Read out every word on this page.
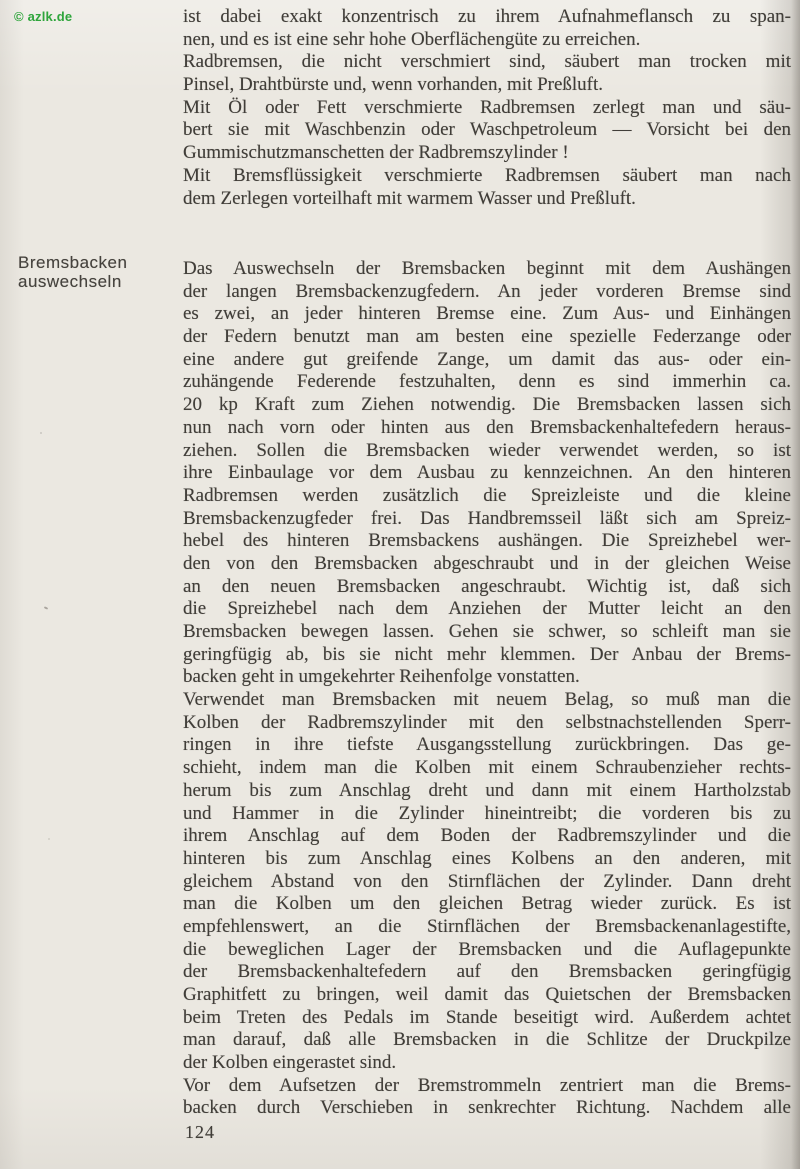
© azlk.de
Bremsbacken
auswechseln
ist dabei exakt konzentrisch zu ihrem Aufnahmeflansch zu span-
nen, und es ist eine sehr hohe Oberflächengüte zu erreichen.
Radbremsen, die nicht verschmiert sind, säubert man trocken mit
Pinsel, Drahtbürste und, wenn vorhanden, mit Preßluft.
Mit Öl oder Fett verschmierte Radbremsen zerlegt man und säu-
bert sie mit Waschbenzin oder Waschpetroleum — Vorsicht bei den
Gummischutzmanschetten der Radbremszylinder !
Mit Bremsflüssigkeit verschmierte Radbremsen säubert man nach
dem Zerlegen vorteilhaft mit warmem Wasser und Preßluft.
Das Auswechseln der Bremsbacken beginnt mit dem Aushängen
der langen Bremsbackenzugfedern. An jeder vorderen Bremse sind
es zwei, an jeder hinteren Bremse eine. Zum Aus- und Einhängen
der Federn benutzt man am besten eine spezielle Federzange oder
eine andere gut greifende Zange, um damit das aus- oder ein-
zuhängende Federende festzuhalten, denn es sind immerhin ca.
20 kp Kraft zum Ziehen notwendig. Die Bremsbacken lassen sich
nun nach vorn oder hinten aus den Bremsbackenhaltefedern heraus-
ziehen. Sollen die Bremsbacken wieder verwendet werden, so ist
ihre Einbaulage vor dem Ausbau zu kennzeichnen. An den hinteren
Radbremsen werden zusätzlich die Spreizleiste und die kleine
Bremsbackenzugfeder frei. Das Handbremsseil läßt sich am Spreiz-
hebel des hinteren Bremsbackens aushängen. Die Spreizhebel wer-
den von den Bremsbacken abgeschraubt und in der gleichen Weise
an den neuen Bremsbacken angeschraubt. Wichtig ist, daß sich
die Spreizhebel nach dem Anziehen der Mutter leicht an den
Bremsbacken bewegen lassen. Gehen sie schwer, so schleift man sie
geringfügig ab, bis sie nicht mehr klemmen. Der Anbau der Brems-
backen geht in umgekehrter Reihenfolge vonstatten.
Verwendet man Bremsbacken mit neuem Belag, so muß man die
Kolben der Radbremszylinder mit den selbstnachstellenden Sperr-
ringen in ihre tiefste Ausgangsstellung zurückbringen. Das ge-
schieht, indem man die Kolben mit einem Schraubenzieher rechts-
herum bis zum Anschlag dreht und dann mit einem Hartholzstab
und Hammer in die Zylinder hineintreibt; die vorderen bis zu
ihrem Anschlag auf dem Boden der Radbremszylinder und die
hinteren bis zum Anschlag eines Kolbens an den anderen, mit
gleichem Abstand von den Stirnflächen der Zylinder. Dann dreht
man die Kolben um den gleichen Betrag wieder zurück. Es ist
empfehlenswert, an die Stirnflächen der Bremsbackenanlagestifte,
die beweglichen Lager der Bremsbacken und die Auflagepunkte
der Bremsbackenhaltefedern auf den Bremsbacken geringfügig
Graphitfett zu bringen, weil damit das Quietschen der Bremsbacken
beim Treten des Pedals im Stande beseitigt wird. Außerdem achtet
man darauf, daß alle Bremsbacken in die Schlitze der Druckpilze
der Kolben eingerastet sind.
Vor dem Aufsetzen der Bremstrommeln zentriert man die Brems-
backen durch Verschieben in senkrechter Richtung. Nachdem alle
124
